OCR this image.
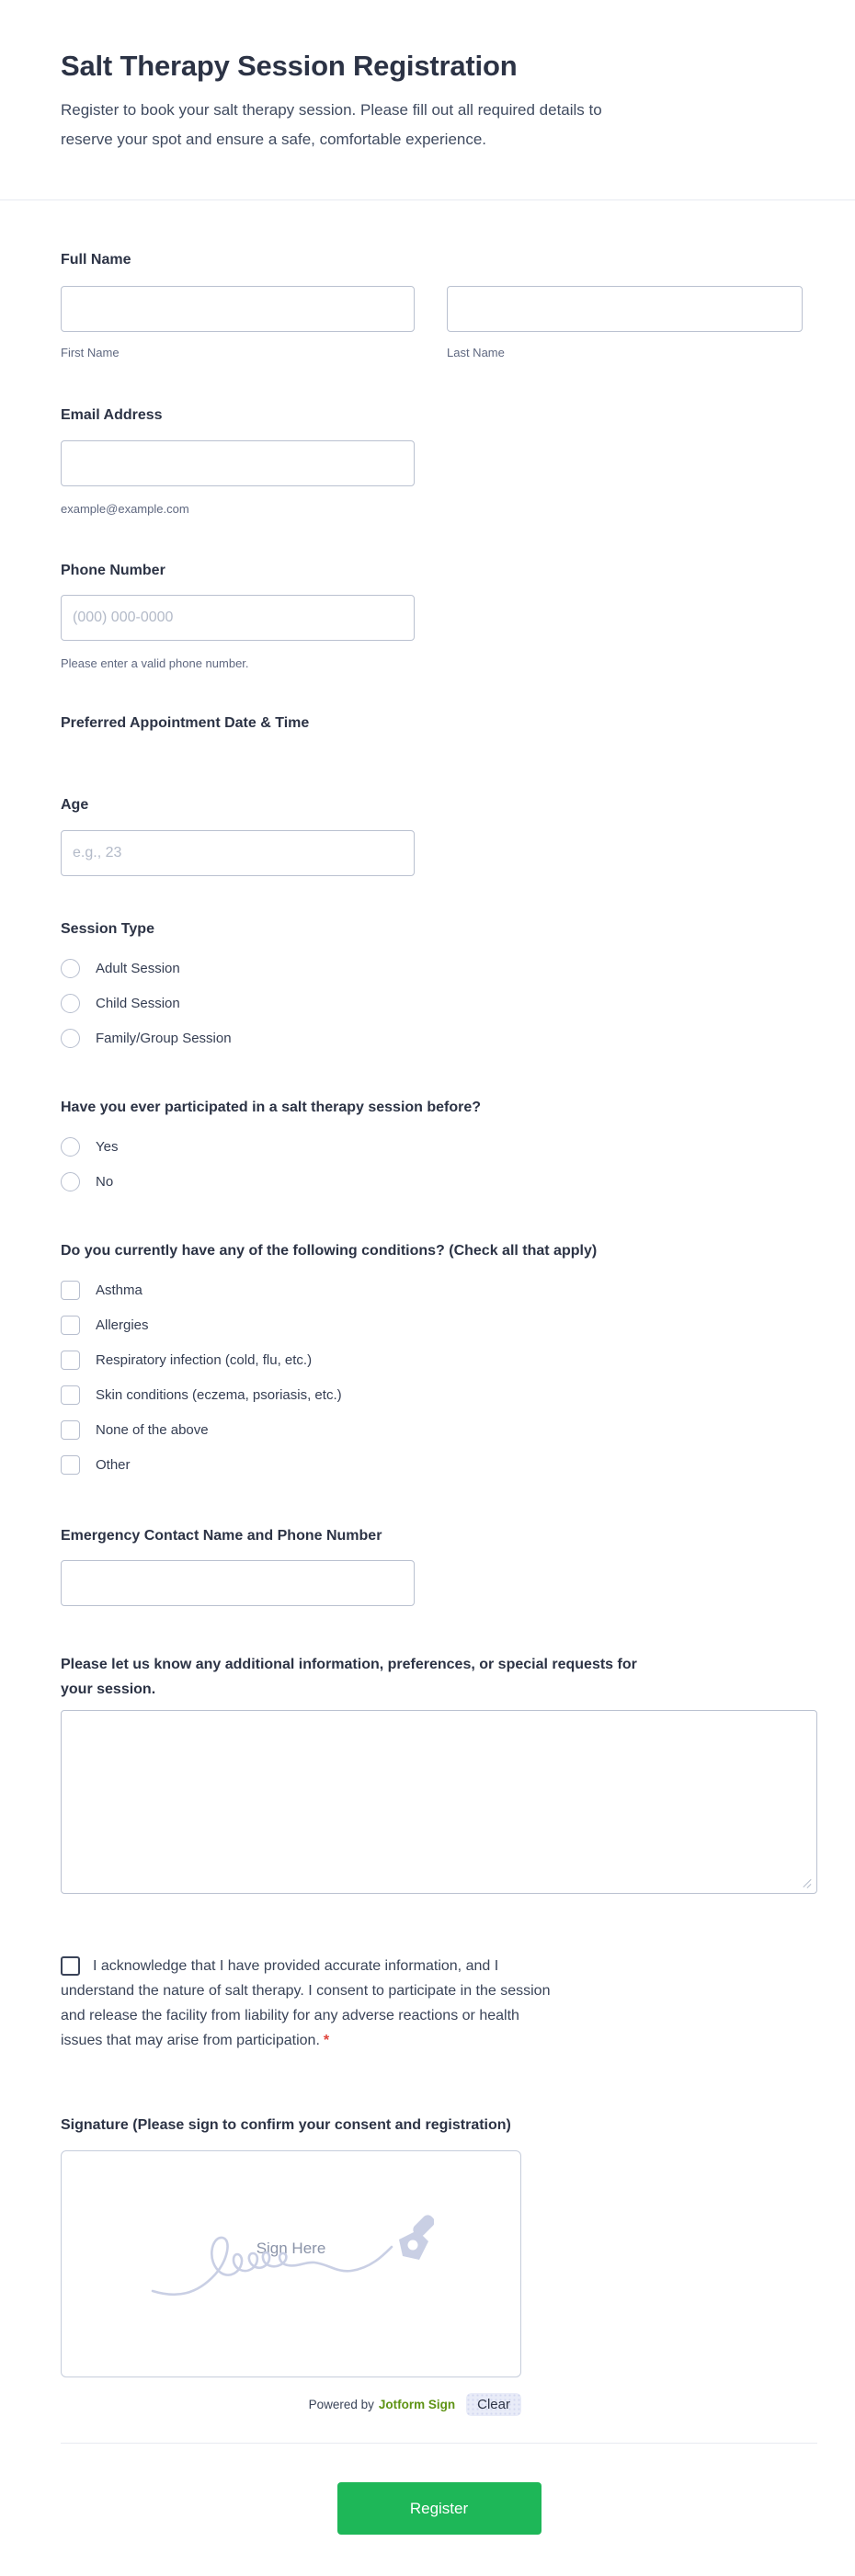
Salt Therapy Session Registration
Register to book your salt therapy session. Please fill out all required details to
reserve your spot and ensure a safe, comfortable experience.
Full Name
First Name	Last Name
Email Address
example@example.com
Phone Number
(000) 000-0000
Please enter a valid phone number.
Preferred Appointment Date & Time
Age
e.g., 23
Session Type
Adult Session
Child Session
Family/Group Session
Have you ever participated in a salt therapy session before?
Yes
No
Do you currently have any of the following conditions? (Check all that apply)
Asthma
Allergies
Respiratory infection (cold, flu, etc.)
Skin conditions (eczema, psoriasis, etc.)
None of the above
Other
Emergency Contact Name and Phone Number
Please let us know any additional information, preferences, or special requests for
your session.
I acknowledge that I have provided accurate information, and I
understand the nature of salt therapy. I consent to participate in the session
and release the facility from liability for any adverse reactions or health
issues that may arise from participation. *
Signature (Please sign to confirm your consent and registration)
Sign Here
Powered by Jotform Sign	Clear
Register
